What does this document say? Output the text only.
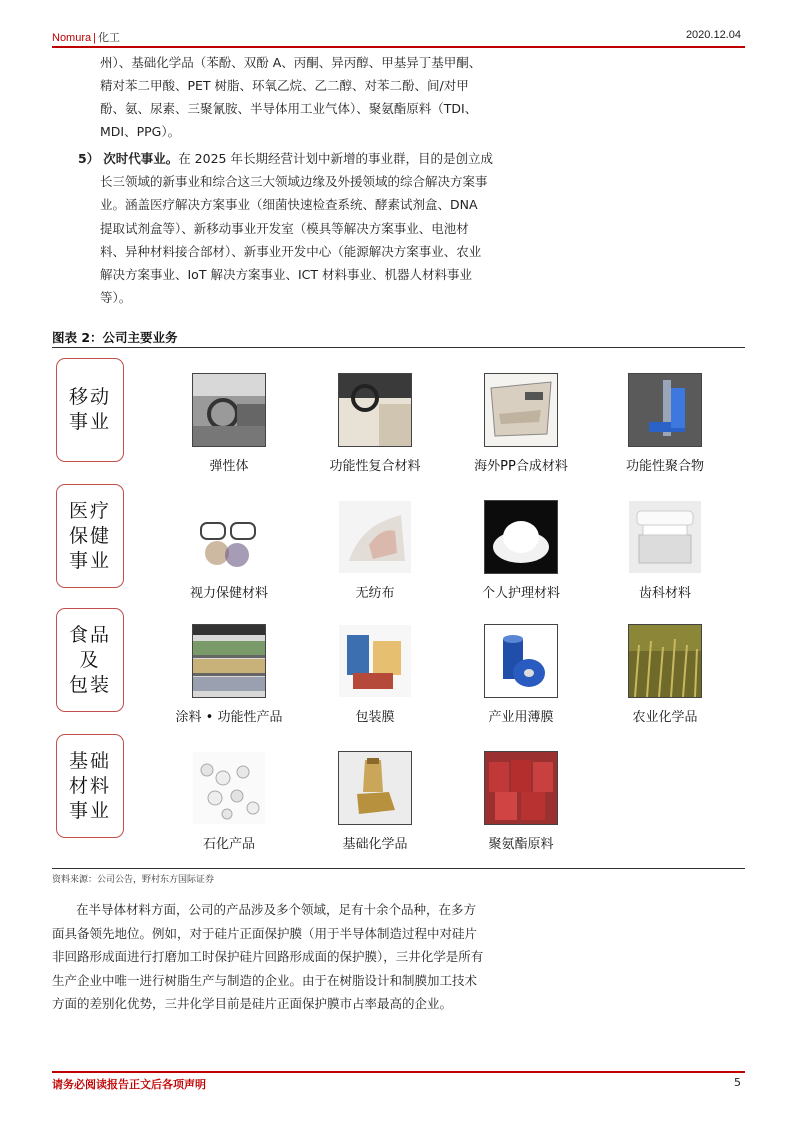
Nomura | 化工	2020.12.04
州）、基础化学品（苯酚、双酚 A、丙酮、异丙醇、甲基异丁基甲酮、
精对苯二甲酸、PET 树脂、环氧乙烷、乙二醇、对苯二酚、间/对甲
酚、氨、尿素、三聚氰胺、半导体用工业气体）、聚氨酯原料（TDI、
MDI、PPG）。
5） 次时代事业。在 2025 年长期经营计划中新增的事业群，目的是创立成
长三领域的新事业和综合这三大领域边缘及外援领域的综合解决方案事
业。涵盖医疗解决方案事业（细菌快速检查系统、酵素试剂盒、DNA
提取试剂盒等）、新移动事业开发室（模具等解决方案事业、电池材
料、异种材料接合部材）、新事业开发中心（能源解决方案事业、农业
解决方案事业、IoT 解决方案事业、ICT 材料事业、机器人材料事业
等）。
图表 2：公司主要业务
移动
事业
医疗
保健
事业
食品
及
包装
基础
材料
事业
弹性体	功能性复合材料	海外PP合成材料	功能性聚合物
视力保健材料	无纺布	个人护理材料	齿科材料
涂料 • 功能性产品	包装膜	产业用薄膜	农业化学品
石化产品	基础化学品	聚氨酯原料
资料来源：公司公告，野村东方国际证券
在半导体材料方面，公司的产品涉及多个领域，足有十余个品种，在多方
面具备领先地位。例如，对于硅片正面保护膜（用于半导体制造过程中对硅片
非回路形成面进行打磨加工时保护硅片回路形成面的保护膜），三井化学是所有
生产企业中唯一进行树脂生产与制造的企业。由于在树脂设计和制膜加工技术
方面的差别化优势，三井化学目前是硅片正面保护膜市占率最高的企业。
请务必阅读报告正文后各项声明	5
